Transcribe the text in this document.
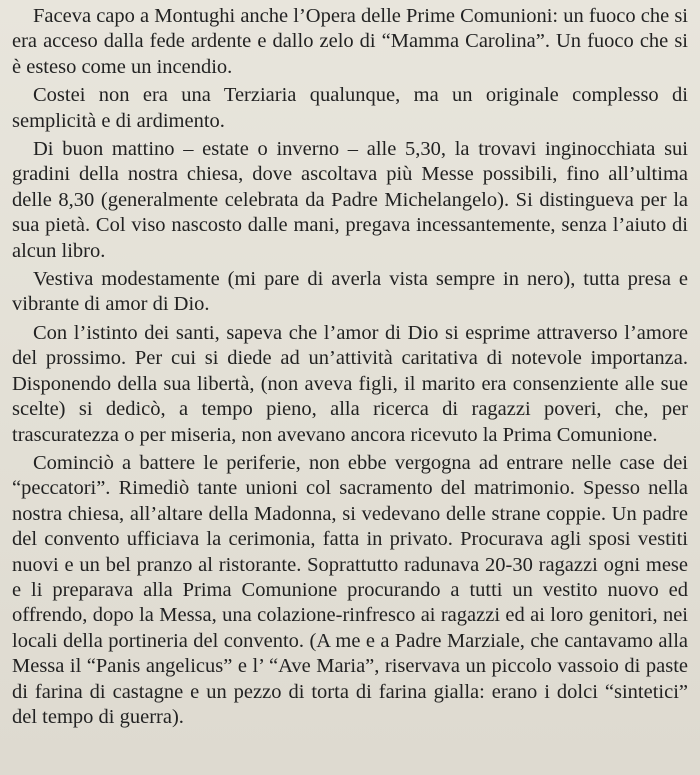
Faceva capo a Montughi anche l’Opera delle Prime Comunioni: un fuoco che si era acceso dalla fede ardente e dallo zelo di “Mamma Carolina”. Un fuoco che si è esteso come un incendio.

Costei non era una Terziaria qualunque, ma un originale complesso di semplicità e di ardimento.

Di buon mattino – estate o inverno – alle 5,30, la trovavi inginocchiata sui gradini della nostra chiesa, dove ascoltava più Messe possibili, fino all’ultima delle 8,30 (generalmente celebrata da Padre Michelangelo). Si distingueva per la sua pietà. Col viso nascosto dalle mani, pregava incessantemente, senza l’aiuto di alcun libro.

Vestiva modestamente (mi pare di averla vista sempre in nero), tutta presa e vibrante di amor di Dio.

Con l’istinto dei santi, sapeva che l’amor di Dio si esprime attraverso l’amore del prossimo. Per cui si diede ad un’attività caritativa di notevole importanza. Disponendo della sua libertà, (non aveva figli, il marito era consenziente alle sue scelte) si dedicò, a tempo pieno, alla ricerca di ragazzi poveri, che, per trascuratezza o per miseria, non avevano ancora ricevuto la Prima Comunione.

Cominciò a battere le periferie, non ebbe vergogna ad entrare nelle case dei “peccatori”. Rimediò tante unioni col sacramento del matrimonio. Spesso nella nostra chiesa, all’altare della Madonna, si vedevano delle strane coppie. Un padre del convento ufficiava la cerimonia, fatta in privato. Procurava agli sposi vestiti nuovi e un bel pranzo al ristorante. Soprattutto radunava 20-30 ragazzi ogni mese e li preparava alla Prima Comunione procurando a tutti un vestito nuovo ed offrendo, dopo la Messa, una colazione-rinfresco ai ragazzi ed ai loro genitori, nei locali della portineria del convento. (A me e a Padre Marziale, che cantavamo alla Messa il “Panis angelicus” e l’ “Ave Maria”, riservava un piccolo vassoio di paste di farina di castagne e un pezzo di torta di farina gialla: erano i dolci “sintetici” del tempo di guerra).
